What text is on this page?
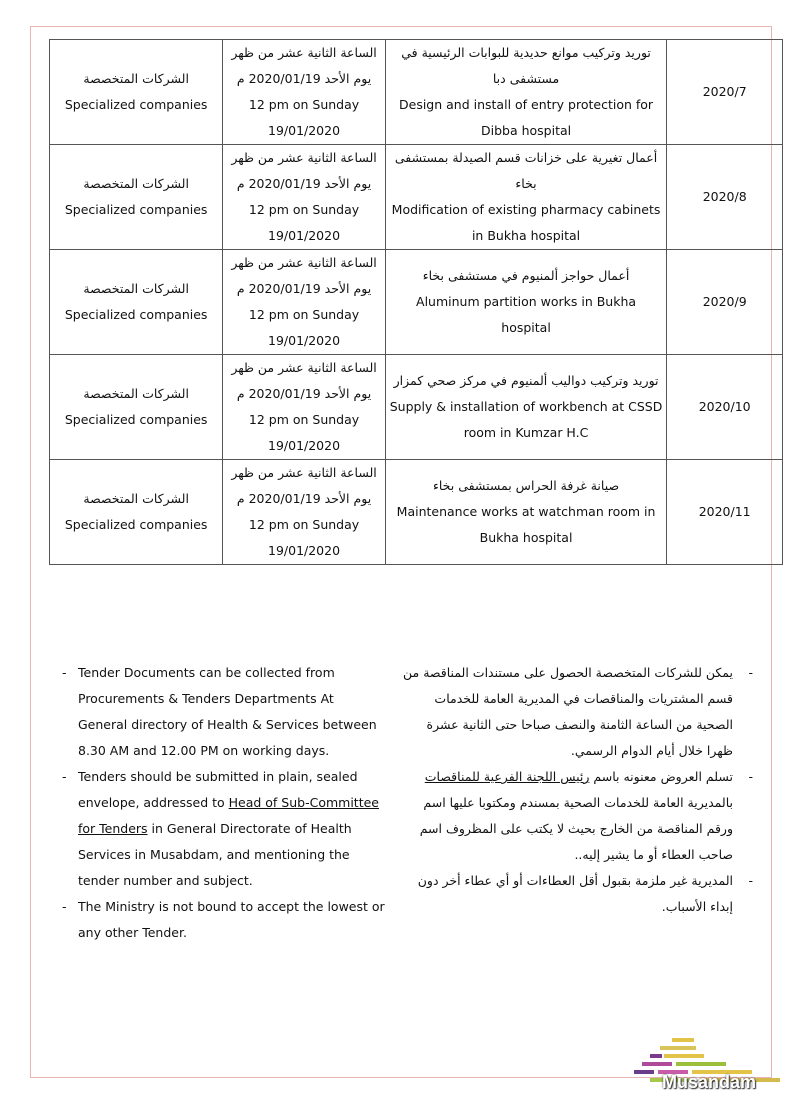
الشركات المتخصصة
Specialized companies	الساعة الثانية عشر من ظهر
يوم الأحد 2020/01/19 م
12 pm on Sunday
19/01/2020	توريد وتركيب موانع حديدية للبوابات الرئيسية في مستشفى دبا
Design and install of entry protection for Dibba hospital	2020/7

الشركات المتخصصة
Specialized companies	الساعة الثانية عشر من ظهر
يوم الأحد 2020/01/19 م
12 pm on Sunday
19/01/2020	أعمال تغيرية على خزانات قسم الصيدلة بمستشفى بخاء
Modification of existing pharmacy cabinets in Bukha hospital	2020/8

الشركات المتخصصة
Specialized companies	الساعة الثانية عشر من ظهر
يوم الأحد 2020/01/19 م
12 pm on Sunday
19/01/2020	أعمال حواجز ألمنيوم في مستشفى بخاء
Aluminum partition works in Bukha hospital	2020/9

الشركات المتخصصة
Specialized companies	الساعة الثانية عشر من ظهر
يوم الأحد 2020/01/19 م
12 pm on Sunday
19/01/2020	توريد وتركيب دواليب ألمنيوم في مركز صحي كمزار
Supply & installation of workbench at CSSD room in Kumzar H.C	2020/10

الشركات المتخصصة
Specialized companies	الساعة الثانية عشر من ظهر
يوم الأحد 2020/01/19 م
12 pm on Sunday
19/01/2020	صيانة غرفة الحراس بمستشفى بخاء
Maintenance works at watchman room in Bukha hospital	2020/11

- Tender Documents can be collected from Procurements & Tenders Departments At General directory of Health & Services between 8.30 AM and 12.00 PM on working days.

- Tenders should be submitted in plain, sealed envelope, addressed to Head of Sub-Committee for Tenders in General Directorate of Health Services in Musabdam, and mentioning the tender number and subject.

- The Ministry is not bound to accept the lowest or any other Tender.

-
يمكن للشركات المتخصصة الحصول على مستندات المناقصة من قسم المشتريات والمناقصات في المديرية العامة للخدمات الصحية من الساعة الثامنة والنصف صباحا حتى الثانية عشرة ظهرا خلال أيام الدوام الرسمي.

-
تسلم العروض معنونه باسم رئيس اللجنة الفرعية للمناقصات بالمديرية العامة للخدمات الصحية بمسندم ومكتوبا عليها اسم ورقم المناقصة من الخارج بحيث لا يكتب على المظروف اسم صاحب العطاء أو ما يشير إليه..

-
المديرية غير ملزمة بقبول أقل العطاءات أو أي عطاء أخر دون إبداء الأسباب.

Musandam
